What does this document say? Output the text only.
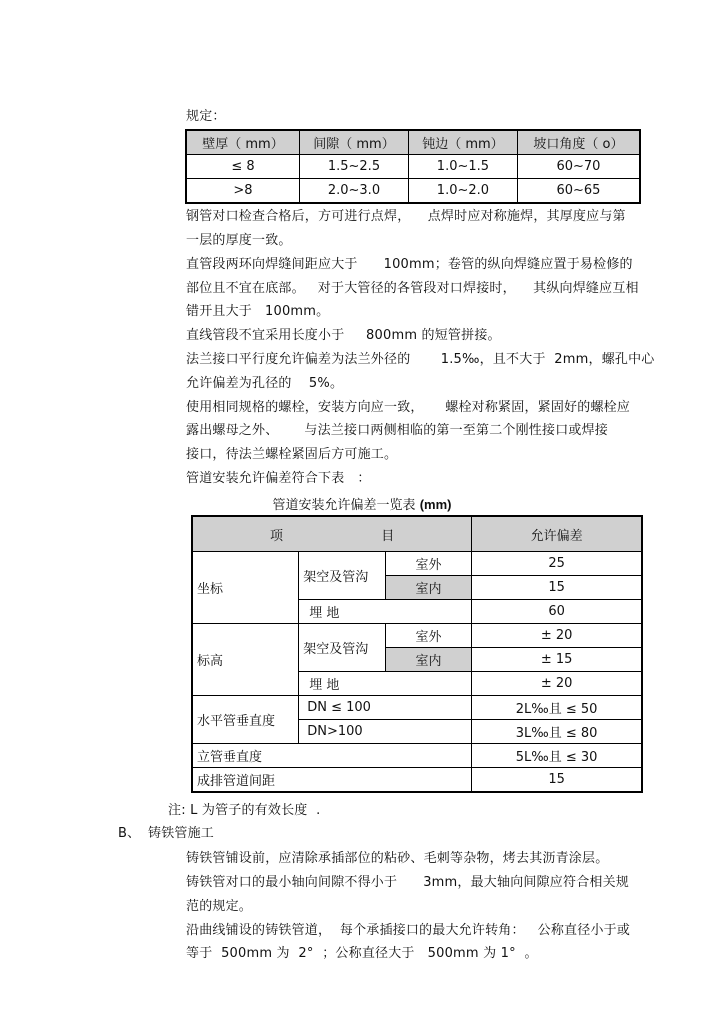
规定：
壁厚（ mm）	间隙（ mm）	钝边（ mm）	坡口角度（ o）
≤ 8	1.5~2.5	1.0~1.5	60~70
>8	2.0~3.0	1.0~2.0	60~65
钢管对口检查合格后，方可进行点焊，    点焊时应对称施焊，其厚度应与第
一层的厚度一致。
直管段两环向焊缝间距应大于      100mm；卷管的纵向焊缝应置于易检修的
部位且不宜在底部。   对于大管径的各管段对口焊接时，    其纵向焊缝应互相
错开且大于   100mm。
直线管段不宜采用长度小于     800mm 的短管拼接。
法兰接口平行度允许偏差为法兰外径的       1.5‰，且不大于  2mm，螺孔中心
允许偏差为孔径的    5%。
使用相同规格的螺栓，安装方向应一致，     螺栓对称紧固，紧固好的螺栓应
露出螺母之外、      与法兰接口两侧相临的第一至第二个刚性接口或焊接
接口，待法兰螺栓紧固后方可施工。
管道安装允许偏差符合下表   ：
管道安装允许偏差一览表 (mm)
项 目			允许偏差
坐标	架空及管沟	室外	25
		室内	15
	埋 地		60
标高	架空及管沟	室外	± 20
		室内	± 15
	埋 地		± 20
水平管垂直度	DN ≤ 100		2L‰且 ≤ 50
	DN>100		3L‰且 ≤ 80
立管垂直度			5L‰且 ≤ 30
成排管道间距			15
注: L 为管子的有效长度  .
B、 铸铁管施工
铸铁管铺设前，应清除承插部位的粘砂、毛刺等杂物，烤去其沥青涂层。
铸铁管对口的最小轴向间隙不得小于      3mm，最大轴向间隙应符合相关规
范的规定。
沿曲线铺设的铸铁管道，  每个承插接口的最大允许转角：   公称直径小于或
等于  500mm 为  2°  ；公称直径大于   500mm 为 1°  。
